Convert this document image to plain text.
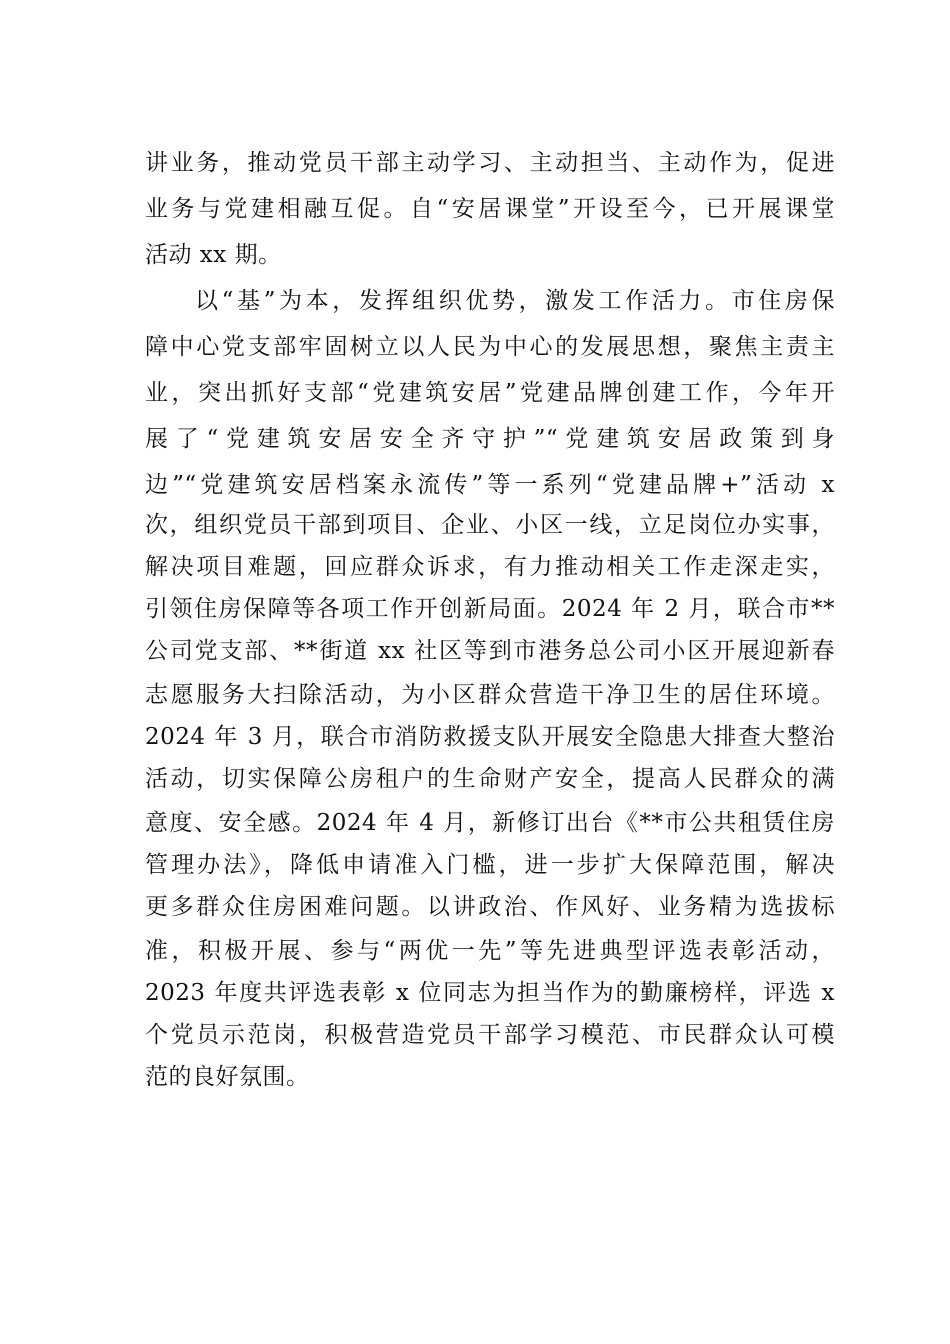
讲业务，推动党员干部主动学习、主动担当、主动作为，促进

业务与党建相融互促。自“安居课堂”开设至今，已开展课堂

活动 xx 期。

以“基”为本，发挥组织优势，激发工作活力。市住房保

障中心党支部牢固树立以人民为中心的发展思想，聚焦主责主

业，突出抓好支部“党建筑安居”党建品牌创建工作，今年开

展了“党建筑安居安全齐守护”“党建筑安居政策到身

边”“党建筑安居档案永流传”等一系列“党建品牌+”活动 x

次，组织党员干部到项目、企业、小区一线，立足岗位办实事，

解决项目难题，回应群众诉求，有力推动相关工作走深走实，

引领住房保障等各项工作开创新局面。2024 年 2 月，联合市**

公司党支部、**街道 xx 社区等到市港务总公司小区开展迎新春

志愿服务大扫除活动，为小区群众营造干净卫生的居住环境。

2024 年 3 月，联合市消防救援支队开展安全隐患大排查大整治

活动，切实保障公房租户的生命财产安全，提高人民群众的满

意度、安全感。2024 年 4 月，新修订出台《**市公共租赁住房

管理办法》，降低申请准入门槛，进一步扩大保障范围，解决

更多群众住房困难问题。以讲政治、作风好、业务精为选拔标

准，积极开展、参与“两优一先”等先进典型评选表彰活动，

2023 年度共评选表彰 x 位同志为担当作为的勤廉榜样，评选 x

个党员示范岗，积极营造党员干部学习模范、市民群众认可模

范的良好氛围。
